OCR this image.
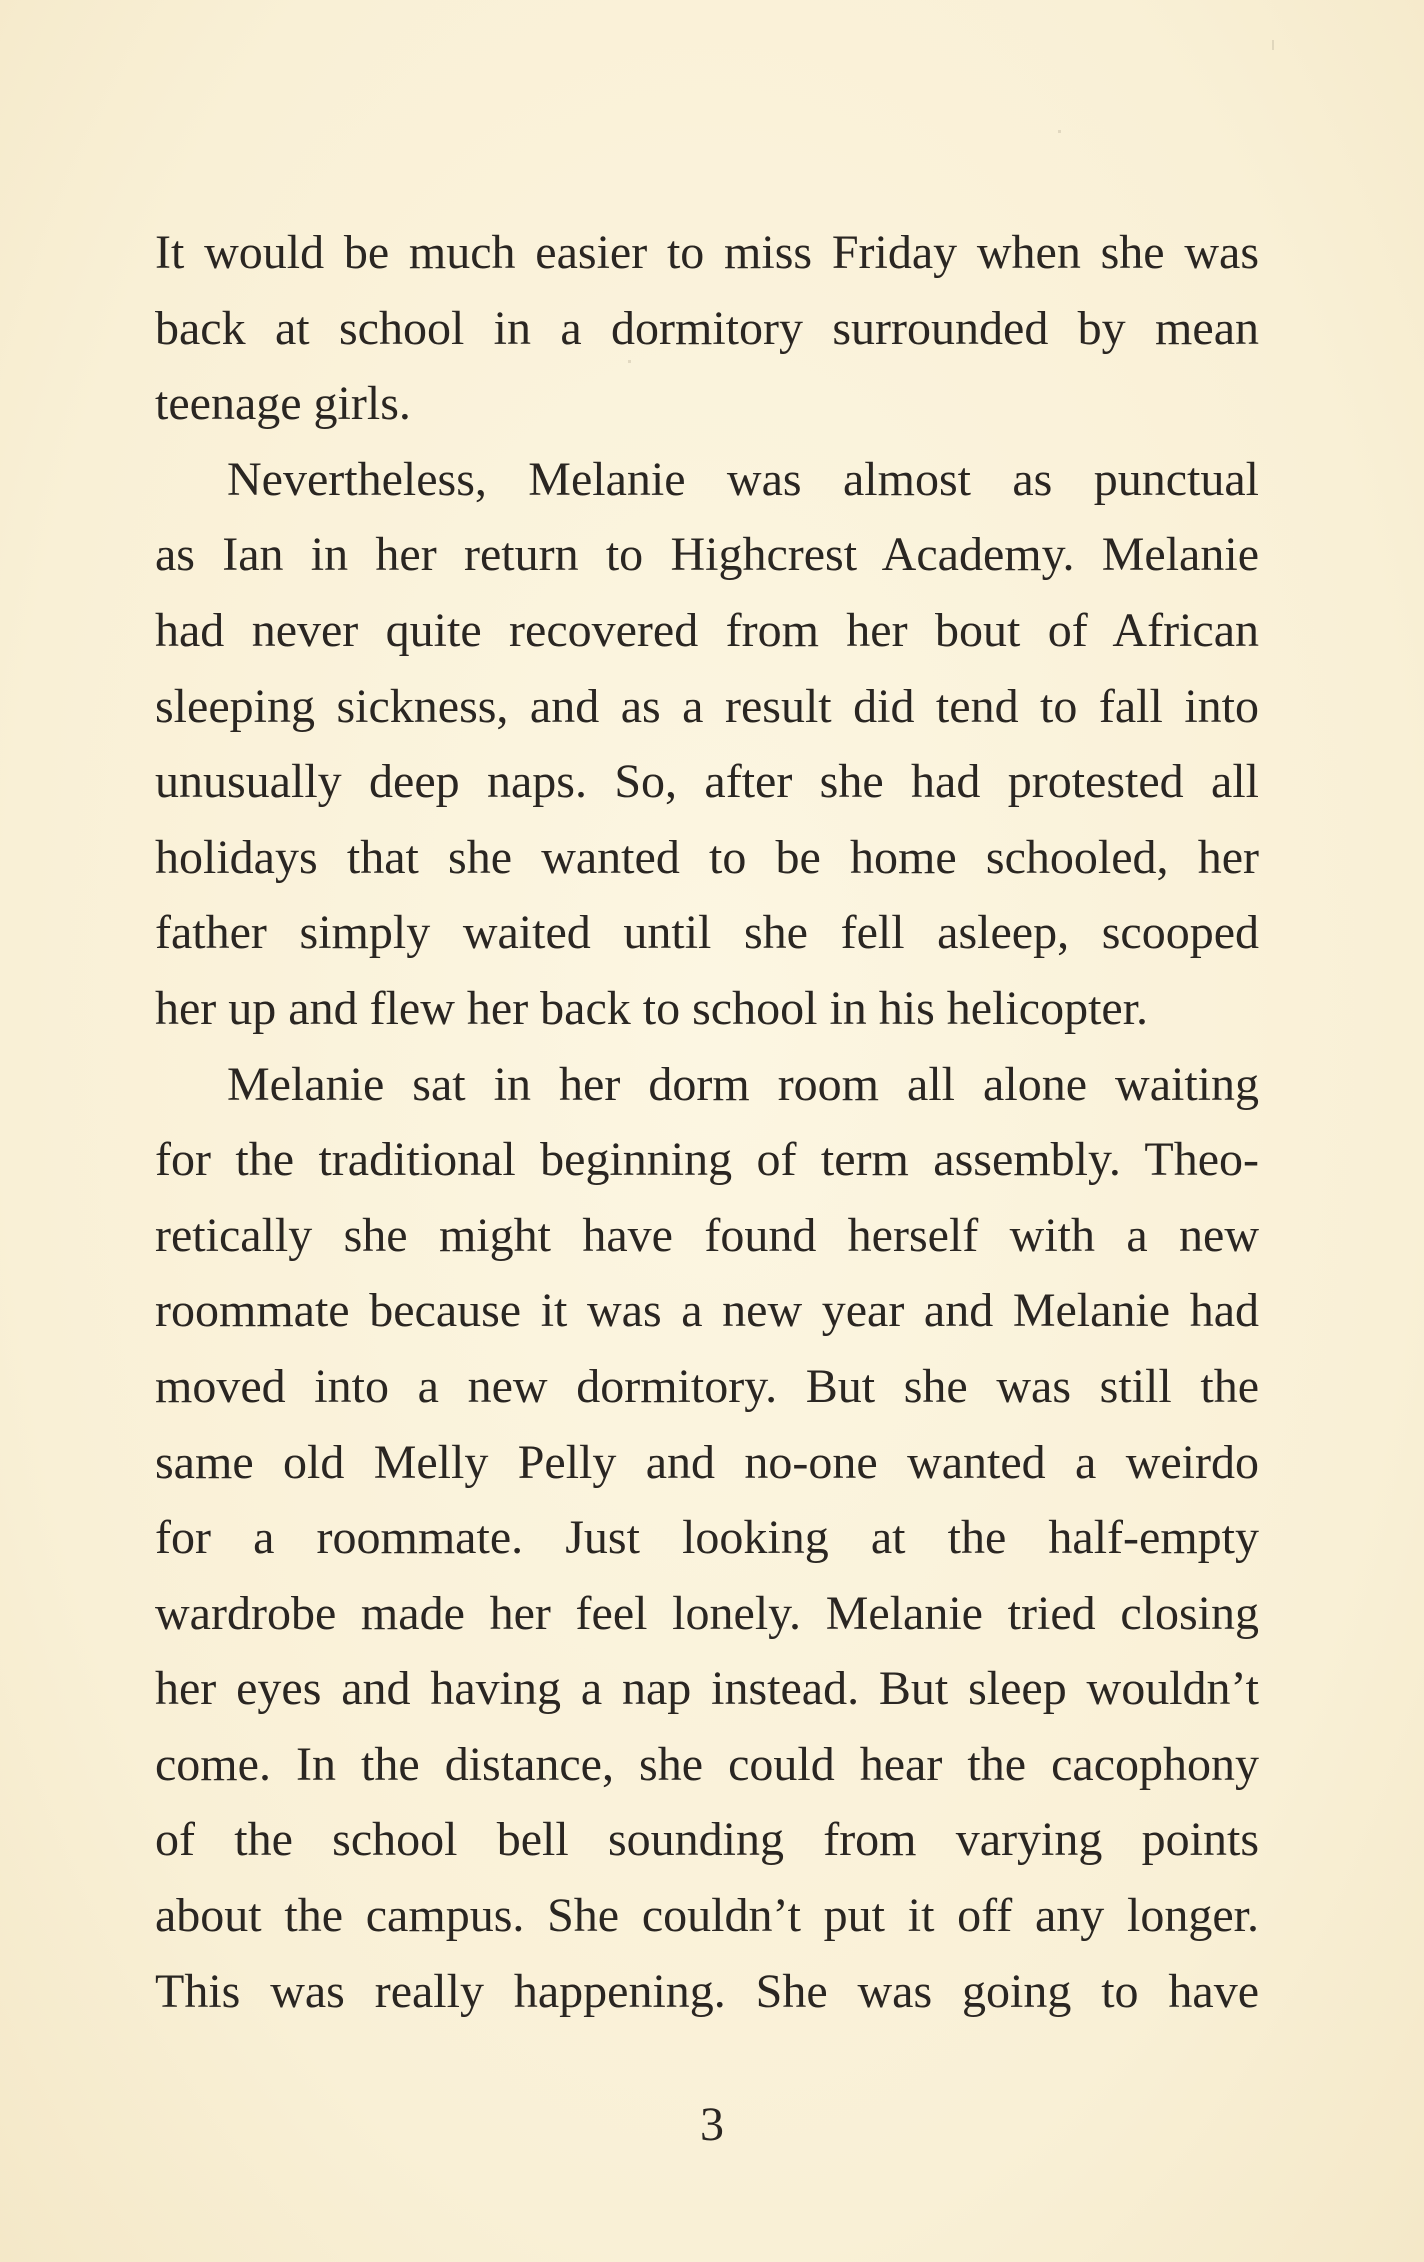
It would be much easier to miss Friday when she was
back at school in a dormitory surrounded by mean
teenage girls.
Nevertheless, Melanie was almost as punctual
as Ian in her return to Highcrest Academy. Melanie
had never quite recovered from her bout of African
sleeping sickness, and as a result did tend to fall into
unusually deep naps. So, after she had protested all
holidays that she wanted to be home schooled, her
father simply waited until she fell asleep, scooped
her up and flew her back to school in his helicopter.
Melanie sat in her dorm room all alone waiting
for the traditional beginning of term assembly. Theo-
retically she might have found herself with a new
roommate because it was a new year and Melanie had
moved into a new dormitory. But she was still the
same old Melly Pelly and no-one wanted a weirdo
for a roommate. Just looking at the half-empty
wardrobe made her feel lonely. Melanie tried closing
her eyes and having a nap instead. But sleep wouldn’t
come. In the distance, she could hear the cacophony
of the school bell sounding from varying points
about the campus. She couldn’t put it off any longer.
This was really happening. She was going to have
3
